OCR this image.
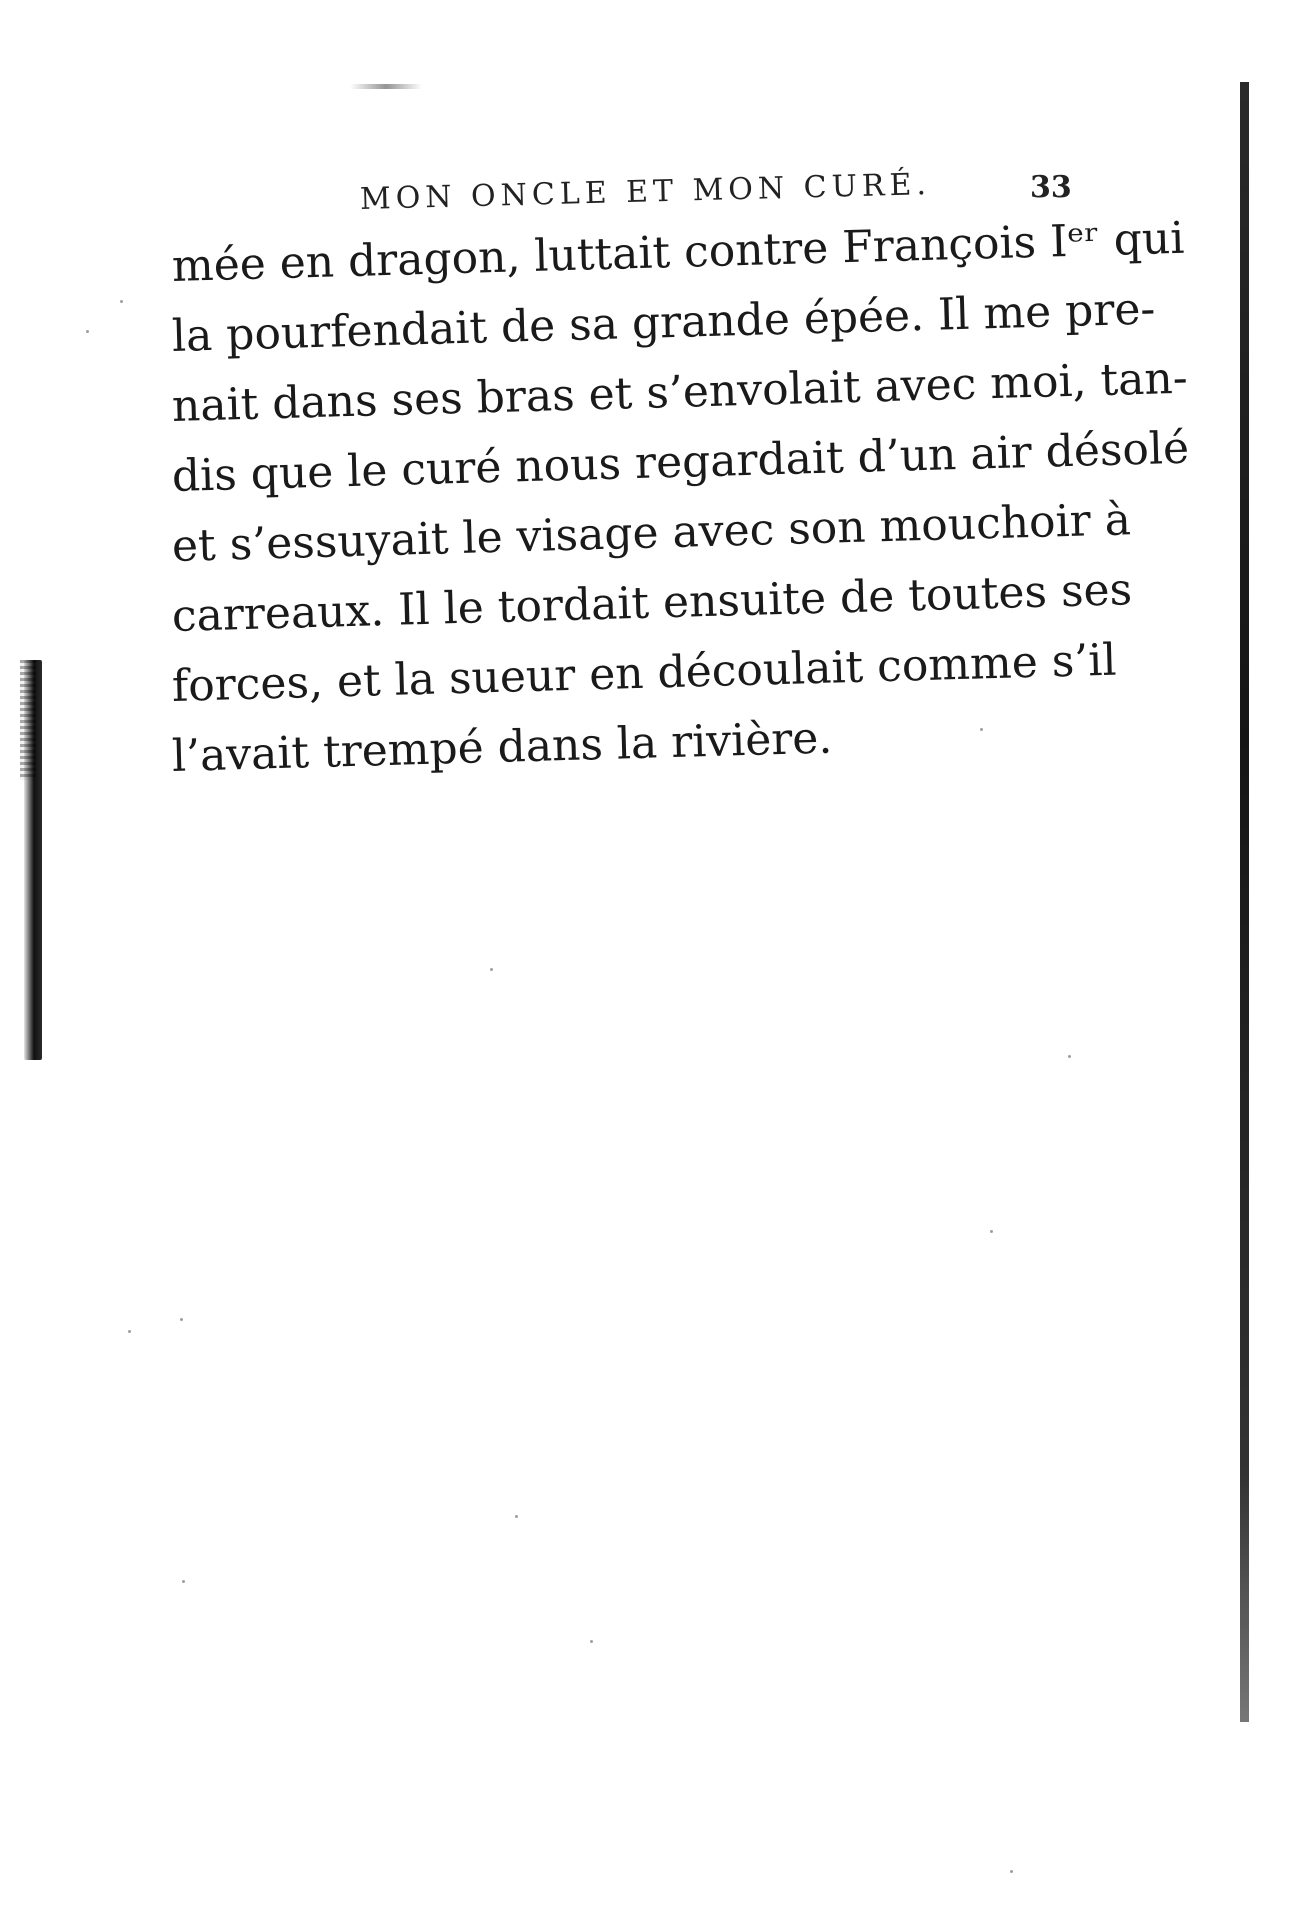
MON ONCLE ET MON CURÉ.	33
mée en dragon, luttait contre François Iᵉʳ qui
la pourfendait de sa grande épée. Il me pre-
nait dans ses bras et s’envolait avec moi, tan-
dis que le curé nous regardait d’un air désolé
et s’essuyait le visage avec son mouchoir à
carreaux. Il le tordait ensuite de toutes ses
forces, et la sueur en découlait comme s’il
l’avait trempé dans la rivière.
